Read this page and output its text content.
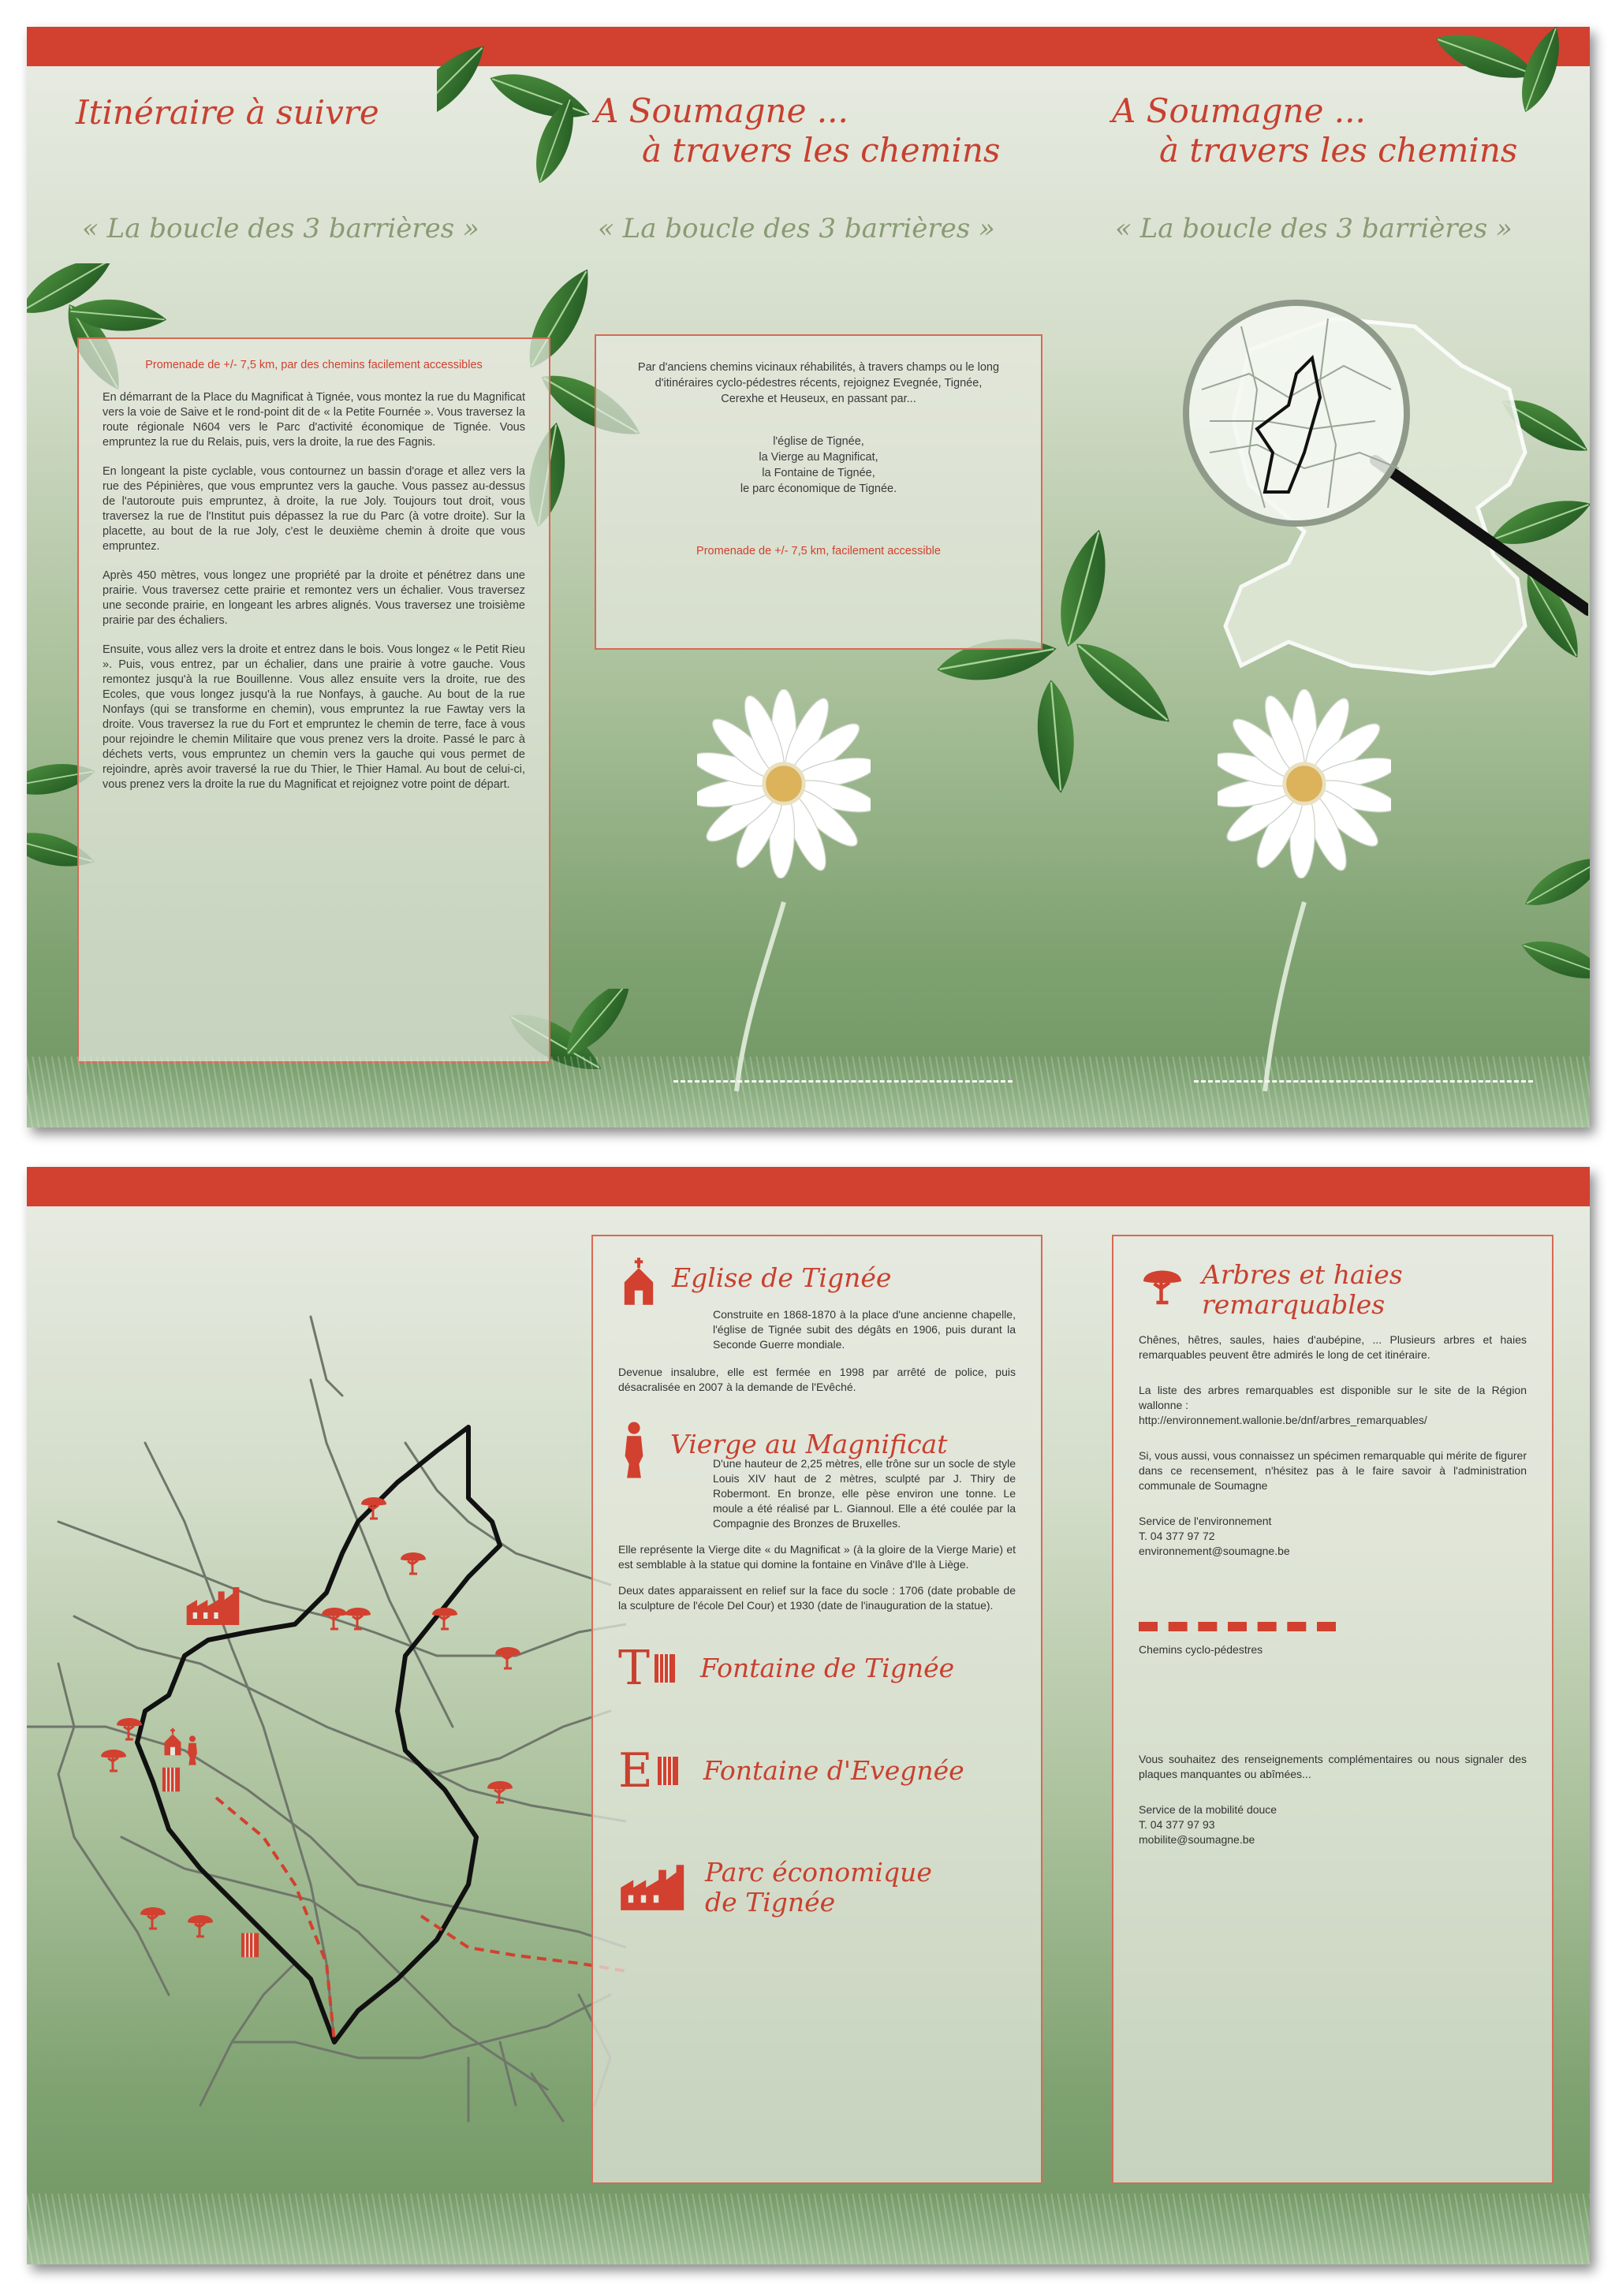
Itinéraire à suivre
« La boucle des 3 barrières »

Promenade de +/- 7,5 km, par des chemins facilement accessibles

En démarrant de la Place du Magnificat à Tignée, vous montez la rue du Magnificat vers la voie de Saive et le rond-point dit de « la Petite Fournée ». Vous traversez la route régionale N604 vers le Parc d'activité économique de Tignée. Vous empruntez la rue du Relais, puis, vers la droite, la rue des Fagnis.

En longeant la piste cyclable, vous contournez un bassin d'orage et allez vers la rue des Pépinières, que vous empruntez vers la gauche. Vous passez au-dessus de l'autoroute puis empruntez, à droite, la rue Joly. Toujours tout droit, vous traversez la rue de l'Institut puis dépassez la rue du Parc (à votre droite). Sur la placette, au bout de la rue Joly, c'est le deuxième chemin à droite que vous empruntez.

Après 450 mètres, vous longez une propriété par la droite et pénétrez dans une prairie. Vous traversez cette prairie et remontez vers un échalier. Vous traversez une seconde prairie, en longeant les arbres alignés. Vous traversez une troisième prairie par des échaliers.

Ensuite, vous allez vers la droite et entrez dans le bois. Vous longez « le Petit Rieu ». Puis, vous entrez, par un échalier, dans une prairie à votre gauche. Vous remontez jusqu'à la rue Bouillenne. Vous allez ensuite vers la droite, rue des Ecoles, que vous longez jusqu'à la rue Nonfays, à gauche. Au bout de la rue Nonfays (qui se transforme en chemin), vous empruntez la rue Fawtay vers la droite. Vous traversez la rue du Fort et empruntez le chemin de terre, face à vous pour rejoindre le chemin Militaire que vous prenez vers la droite. Passé le parc à déchets verts, vous empruntez un chemin vers la gauche qui vous permet de rejoindre, après avoir traversé la rue du Thier, le Thier Hamal. Au bout de celui-ci, vous prenez vers la droite la rue du Magnificat et rejoignez votre point de départ.

A Soumagne ...
à travers les chemins
« La boucle des 3 barrières »

Par d'anciens chemins vicinaux réhabilités, à travers champs ou le long d'itinéraires cyclo-pédestres récents, rejoignez Evegnée, Tignée, Cerexhe et Heuseux, en passant par...

l'église de Tignée,

la Vierge au Magnificat,

la Fontaine de Tignée,

le parc économique de Tignée.

Promenade de +/- 7,5 km, facilement accessible

A Soumagne ...
à travers les chemins
« La boucle des 3 barrières »
Eglise de Tignée

Construite en 1868-1870 à la place d'une ancienne chapelle, l'église de Tignée subit des dégâts en 1906, puis durant la Seconde Guerre mondiale.

Devenue insalubre, elle est fermée en 1998 par arrêté de police, puis désacralisée en 2007 à la demande de l'Evêché.

Vierge au Magnificat

D'une hauteur de 2,25 mètres, elle trône sur un socle de style Louis XIV haut de 2 mètres, sculpté par J. Thiry de Robermont. En bronze, elle pèse environ une tonne. Le moule a été réalisé par L. Giannoul. Elle a été coulée par la Compagnie des Bronzes de Bruxelles.

Elle représente la Vierge dite « du Magnificat » (à la gloire de la Vierge Marie) et est semblable à la statue qui domine la fontaine en Vinâve d'Ile à Liège.

Deux dates apparaissent en relief sur la face du socle : 1706 (date probable de la sculpture de l'école Del Cour) et 1930 (date de l'inauguration de la statue).

T Fontaine de Tignée
E Fontaine d'Evegnée
Parc économique
de Tignée
Arbres et haies
remarquables

Chênes, hêtres, saules, haies d'aubépine, ... Plusieurs arbres et haies remarquables peuvent être admirés le long de cet itinéraire.

La liste des arbres remarquables est disponible sur le site de la Région wallonne :

http://environnement.wallonie.be/dnf/arbres_remarquables/

Si, vous aussi, vous connaissez un spécimen remarquable qui mérite de figurer dans ce recensement, n'hésitez pas à le faire savoir à l'administration communale de Soumagne

Service de l'environnement

T. 04 377 97 72

environnement@soumagne.be

Chemins cyclo-pédestres

Vous souhaitez des renseignements complémentaires ou nous signaler des plaques manquantes ou abîmées...

Service de la mobilité douce

T. 04 377 97 93

mobilite@soumagne.be
